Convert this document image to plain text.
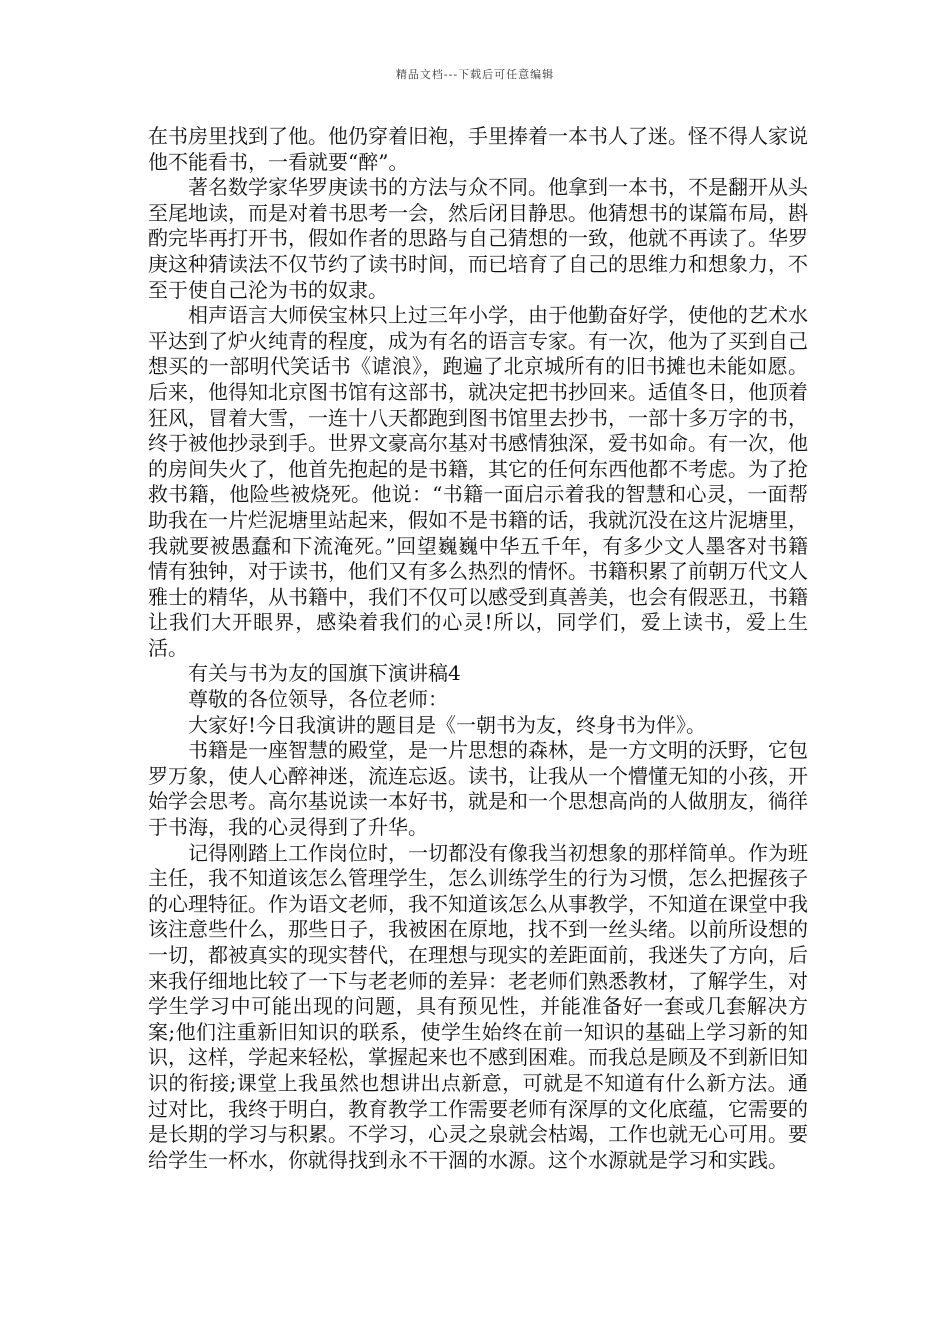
精品文档---下载后可任意编辑

在书房里找到了他。他仍穿着旧袍，手里捧着一本书人了迷。怪不得人家说他不能看书，一看就要“醉”。

著名数学家华罗庚读书的方法与众不同。他拿到一本书，不是翻开从头至尾地读，而是对着书思考一会，然后闭目静思。他猜想书的谋篇布局，斟酌完毕再打开书，假如作者的思路与自己猜想的一致，他就不再读了。华罗庚这种猜读法不仅节约了读书时间，而已培育了自己的思维力和想象力，不至于使自己沦为书的奴隶。

相声语言大师侯宝林只上过三年小学，由于他勤奋好学，使他的艺术水平达到了炉火纯青的程度，成为有名的语言专家。有一次，他为了买到自己想买的一部明代笑话书《谑浪》，跑遍了北京城所有的旧书摊也未能如愿。后来，他得知北京图书馆有这部书，就决定把书抄回来。适值冬日，他顶着狂风，冒着大雪，一连十八天都跑到图书馆里去抄书，一部十多万字的书，终于被他抄录到手。世界文豪高尔基对书感情独深，爱书如命。有一次，他的房间失火了，他首先抱起的是书籍，其它的任何东西他都不考虑。为了抢救书籍，他险些被烧死。他说：“书籍一面启示着我的智慧和心灵，一面帮助我在一片烂泥塘里站起来，假如不是书籍的话，我就沉没在这片泥塘里，我就要被愚蠢和下流淹死。”回望巍巍中华五千年，有多少文人墨客对书籍情有独钟，对于读书，他们又有多么热烈的情怀。书籍积累了前朝万代文人雅士的精华，从书籍中，我们不仅可以感受到真善美，也会有假恶丑，书籍让我们大开眼界，感染着我们的心灵!所以，同学们，爱上读书，爱上生活。

有关与书为友的国旗下演讲稿4

尊敬的各位领导，各位老师：

大家好!今日我演讲的题目是《一朝书为友，终身书为伴》。

书籍是一座智慧的殿堂，是一片思想的森林，是一方文明的沃野，它包罗万象，使人心醉神迷，流连忘返。读书，让我从一个懵懂无知的小孩，开始学会思考。高尔基说读一本好书，就是和一个思想高尚的人做朋友，徜徉于书海，我的心灵得到了升华。

记得刚踏上工作岗位时，一切都没有像我当初想象的那样简单。作为班主任，我不知道该怎么管理学生，怎么训练学生的行为习惯，怎么把握孩子的心理特征。作为语文老师，我不知道该怎么从事教学，不知道在课堂中我该注意些什么，那些日子，我被困在原地，找不到一丝头绪。以前所设想的一切，都被真实的现实替代，在理想与现实的差距面前，我迷失了方向，后来我仔细地比较了一下与老老师的差异：老老师们熟悉教材，了解学生，对学生学习中可能出现的问题，具有预见性，并能准备好一套或几套解决方案;他们注重新旧知识的联系，使学生始终在前一知识的基础上学习新的知识，这样，学起来轻松，掌握起来也不感到困难。而我总是顾及不到新旧知识的衔接;课堂上我虽然也想讲出点新意，可就是不知道有什么新方法。通过对比，我终于明白，教育教学工作需要老师有深厚的文化底蕴，它需要的是长期的学习与积累。不学习，心灵之泉就会枯竭，工作也就无心可用。要给学生一杯水，你就得找到永不干涸的水源。这个水源就是学习和实践。
